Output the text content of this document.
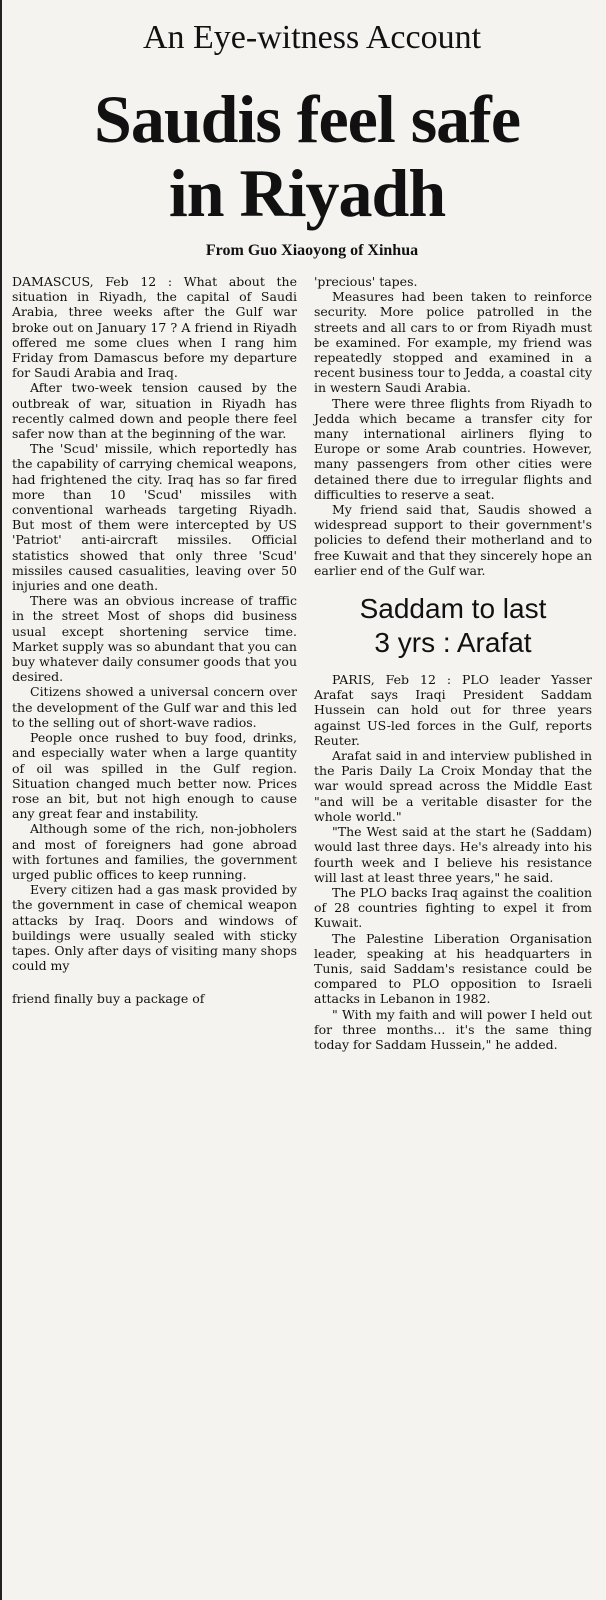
An Eye-witness Account
Saudis feel safe
in Riyadh
From Guo Xiaoyong of Xinhua

DAMASCUS, Feb 12 : What about the situation in Riyadh, the capital of Saudi Arabia, three weeks after the Gulf war broke out on January 17 ? A friend in Riyadh offered me some clues when I rang him Friday from Damascus before my departure for Saudi Arabia and Iraq.

After two-week tension caused by the outbreak of war, situation in Riyadh has recently calmed down and people there feel safer now than at the beginning of the war.

The 'Scud' missile, which reportedly has the capability of carrying chemical weapons, had frightened the city. Iraq has so far fired more than 10 'Scud' missiles with conventional warheads targeting Riyadh. But most of them were intercepted by US 'Patriot' anti-aircraft missiles. Official statistics showed that only three 'Scud' missiles caused casualities, leaving over 50 injuries and one death.

There was an obvious increase of traffic in the street Most of shops did business usual except shortening service time. Market supply was so abundant that you can buy whatever daily consumer goods that you desired.

Citizens showed a universal concern over the development of the Gulf war and this led to the selling out of short-wave radios.

People once rushed to buy food, drinks, and especially water when a large quantity of oil was spilled in the Gulf region. Situation changed much better now. Prices rose an bit, but not high enough to cause any great fear and instability.

Although some of the rich, non-jobholers and most of foreigners had gone abroad with fortunes and families, the government urged public offices to keep running.

Every citizen had a gas mask provided by the government in case of chemical weapon attacks by Iraq. Doors and windows of buildings were usually sealed with sticky tapes. Only after days of visiting many shops could my

friend finally buy a package of

'precious' tapes.

Measures had been taken to reinforce security. More police patrolled in the streets and all cars to or from Riyadh must be examined. For example, my friend was repeatedly stopped and examined in a recent business tour to Jedda, a coastal city in western Saudi Arabia.

There were three flights from Riyadh to Jedda which became a transfer city for many international airliners flying to Europe or some Arab countries. However, many passengers from other cities were detained there due to irregular flights and difficulties to reserve a seat.

My friend said that, Saudis showed a widespread support to their government's policies to defend their motherland and to free Kuwait and that they sincerely hope an earlier end of the Gulf war.

Saddam to last
3 yrs : Arafat

PARIS, Feb 12 : PLO leader Yasser Arafat says Iraqi President Saddam Hussein can hold out for three years against US-led forces in the Gulf, reports Reuter.

Arafat said in and interview published in the Paris Daily La Croix Monday that the war would spread across the Middle East "and will be a veritable disaster for the whole world."

"The West said at the start he (Saddam) would last three days. He's already into his fourth week and I believe his resistance will last at least three years," he said.

The PLO backs Iraq against the coalition of 28 countries fighting to expel it from Kuwait.

The Palestine Liberation Organisation leader, speaking at his headquarters in Tunis, said Saddam's resistance could be compared to PLO opposition to Israeli attacks in Lebanon in 1982.

" With my faith and will power I held out for three months... it's the same thing today for Saddam Hussein," he added.
